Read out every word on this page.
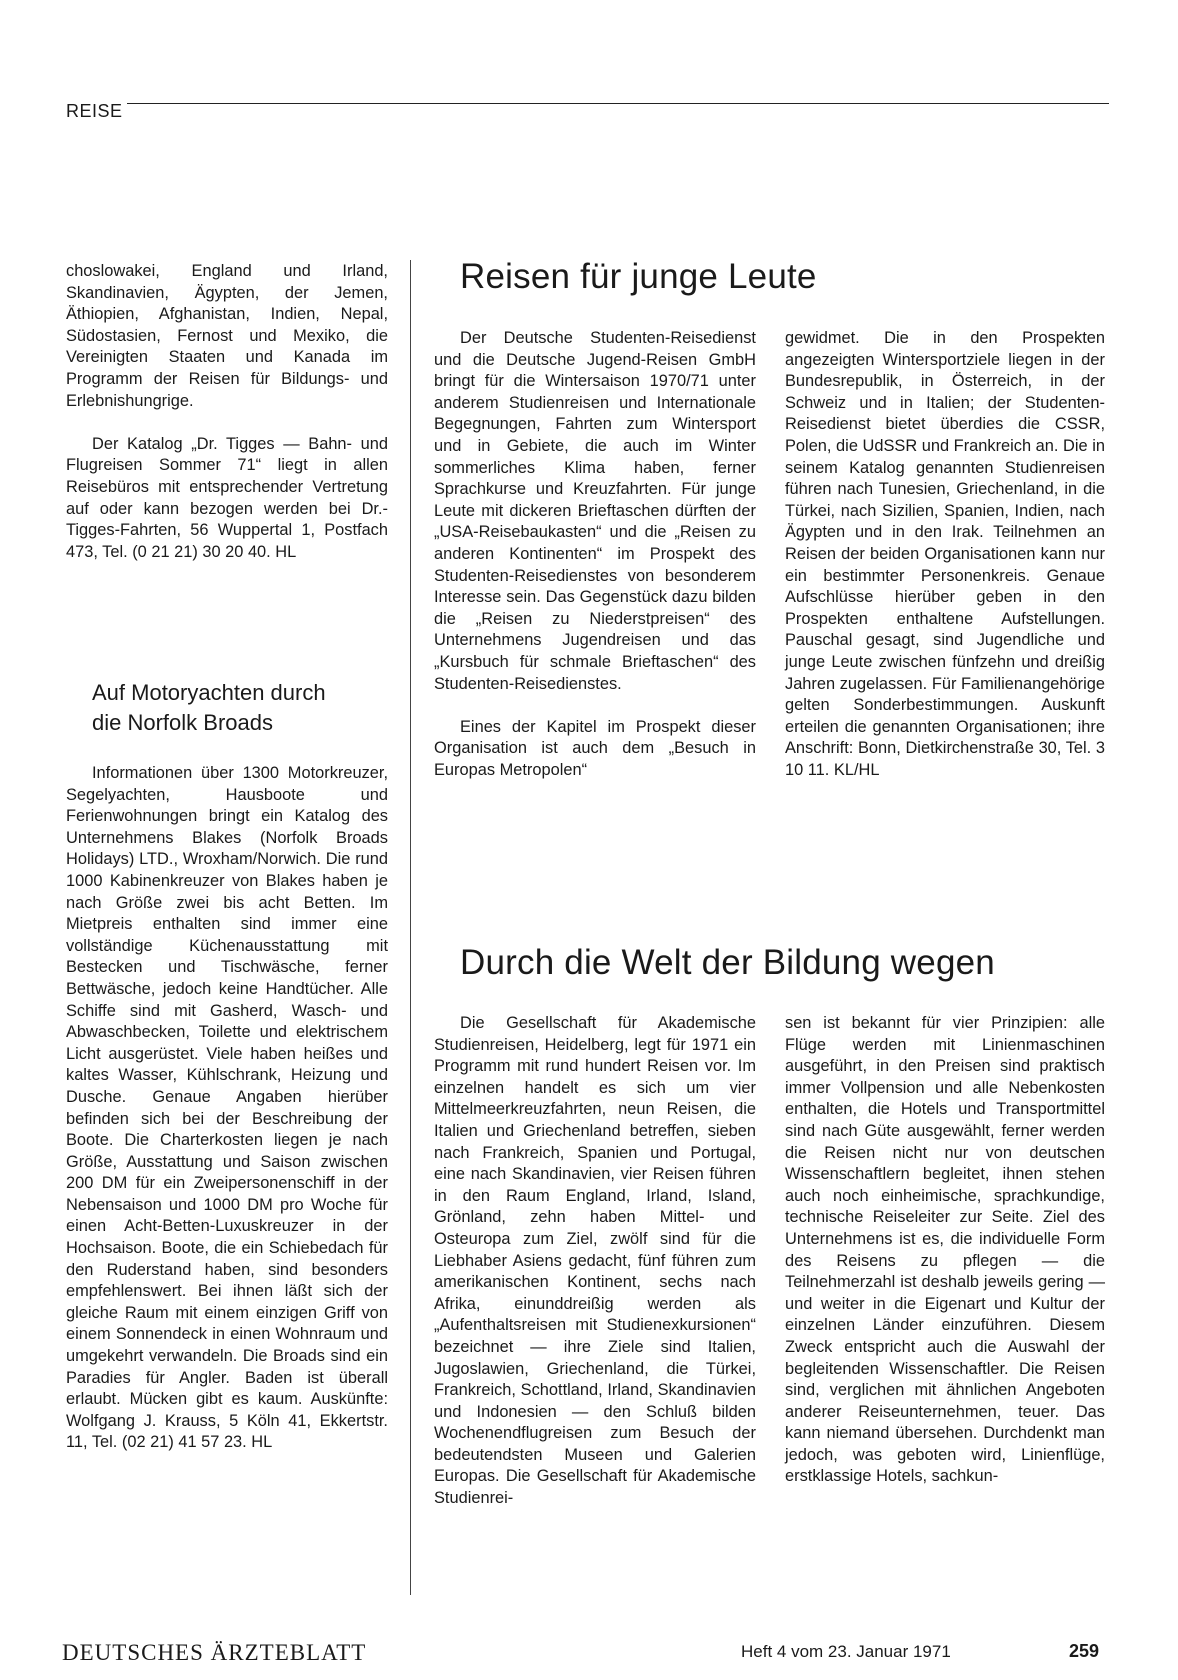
REISE

choslowakei, England und Irland, Skandinavien, Ägypten, der Jemen, Äthiopien, Afghanistan, Indien, Nepal, Südostasien, Fernost und Mexiko, die Vereinigten Staaten und Kanada im Programm der Reisen für Bildungs- und Erlebnishungrige.

Der Katalog „Dr. Tigges — Bahn- und Flugreisen Sommer 71“ liegt in allen Reisebüros mit entsprechender Vertretung auf oder kann bezogen werden bei Dr.-Tigges-Fahrten, 56 Wuppertal 1, Postfach 473, Tel. (0 21 21) 30 20 40. HL

Auf Motoryachten durch
die Norfolk Broads

Informationen über 1300 Motorkreuzer, Segelyachten, Hausboote und Ferienwohnungen bringt ein Katalog des Unternehmens Blakes (Norfolk Broads Holidays) LTD., Wroxham/Norwich. Die rund 1000 Kabinenkreuzer von Blakes haben je nach Größe zwei bis acht Betten. Im Mietpreis enthalten sind immer eine vollständige Küchenausstattung mit Bestecken und Tischwäsche, ferner Bettwäsche, jedoch keine Handtücher. Alle Schiffe sind mit Gasherd, Wasch- und Abwaschbecken, Toilette und elektrischem Licht ausgerüstet. Viele haben heißes und kaltes Wasser, Kühlschrank, Heizung und Dusche. Genaue Angaben hierüber befinden sich bei der Beschreibung der Boote. Die Charterkosten liegen je nach Größe, Ausstattung und Saison zwischen 200 DM für ein Zweipersonenschiff in der Nebensaison und 1000 DM pro Woche für einen Acht-Betten-Luxuskreuzer in der Hochsaison. Boote, die ein Schiebedach für den Ruderstand haben, sind besonders empfehlenswert. Bei ihnen läßt sich der gleiche Raum mit einem einzigen Griff von einem Sonnendeck in einen Wohnraum und umgekehrt verwandeln. Die Broads sind ein Paradies für Angler. Baden ist überall erlaubt. Mücken gibt es kaum. Auskünfte: Wolfgang J. Krauss, 5 Köln 41, Ekkertstr. 11, Tel. (02 21) 41 57 23. HL

Reisen für junge Leute

Der Deutsche Studenten-Reisedienst und die Deutsche Jugend-Reisen GmbH bringt für die Wintersaison 1970/71 unter anderem Studienreisen und Internationale Begegnungen, Fahrten zum Wintersport und in Gebiete, die auch im Winter sommerliches Klima haben, ferner Sprachkurse und Kreuzfahrten. Für junge Leute mit dickeren Brieftaschen dürften der „USA-Reisebaukasten“ und die „Reisen zu anderen Kontinenten“ im Prospekt des Studenten-Reisedienstes von besonderem Interesse sein. Das Gegenstück dazu bilden die „Reisen zu Niederstpreisen“ des Unternehmens Jugendreisen und das „Kursbuch für schmale Brieftaschen“ des Studenten-Reisedienstes.

Eines der Kapitel im Prospekt dieser Organisation ist auch dem „Besuch in Europas Metropolen“

gewidmet. Die in den Prospekten angezeigten Wintersportziele liegen in der Bundesrepublik, in Österreich, in der Schweiz und in Italien; der Studenten-Reisedienst bietet überdies die CSSR, Polen, die UdSSR und Frankreich an. Die in seinem Katalog genannten Studienreisen führen nach Tunesien, Griechenland, in die Türkei, nach Sizilien, Spanien, Indien, nach Ägypten und in den Irak. Teilnehmen an Reisen der beiden Organisationen kann nur ein bestimmter Personenkreis. Genaue Aufschlüsse hierüber geben in den Prospekten enthaltene Aufstellungen. Pauschal gesagt, sind Jugendliche und junge Leute zwischen fünfzehn und dreißig Jahren zugelassen. Für Familienangehörige gelten Sonderbestimmungen. Auskunft erteilen die genannten Organisationen; ihre Anschrift: Bonn, Dietkirchenstraße 30, Tel. 3 10 11. KL/HL

Durch die Welt der Bildung wegen

Die Gesellschaft für Akademische Studienreisen, Heidelberg, legt für 1971 ein Programm mit rund hundert Reisen vor. Im einzelnen handelt es sich um vier Mittelmeerkreuzfahrten, neun Reisen, die Italien und Griechenland betreffen, sieben nach Frankreich, Spanien und Portugal, eine nach Skandinavien, vier Reisen führen in den Raum England, Irland, Island, Grönland, zehn haben Mittel- und Osteuropa zum Ziel, zwölf sind für die Liebhaber Asiens gedacht, fünf führen zum amerikanischen Kontinent, sechs nach Afrika, einunddreißig werden als „Aufenthaltsreisen mit Studienexkursionen“ bezeichnet — ihre Ziele sind Italien, Jugoslawien, Griechenland, die Türkei, Frankreich, Schottland, Irland, Skandinavien und Indonesien — den Schluß bilden Wochenendflugreisen zum Besuch der bedeutendsten Museen und Galerien Europas. Die Gesellschaft für Akademische Studienrei-

sen ist bekannt für vier Prinzipien: alle Flüge werden mit Linienmaschinen ausgeführt, in den Preisen sind praktisch immer Vollpension und alle Nebenkosten enthalten, die Hotels und Transportmittel sind nach Güte ausgewählt, ferner werden die Reisen nicht nur von deutschen Wissenschaftlern begleitet, ihnen stehen auch noch einheimische, sprachkundige, technische Reiseleiter zur Seite. Ziel des Unternehmens ist es, die individuelle Form des Reisens zu pflegen — die Teilnehmerzahl ist deshalb jeweils gering — und weiter in die Eigenart und Kultur der einzelnen Länder einzuführen. Diesem Zweck entspricht auch die Auswahl der begleitenden Wissenschaftler. Die Reisen sind, verglichen mit ähnlichen Angeboten anderer Reiseunternehmen, teuer. Das kann niemand übersehen. Durchdenkt man jedoch, was geboten wird, Linienflüge, erstklassige Hotels, sachkun-

DEUTSCHES ÄRZTEBLATT	Heft 4 vom 23. Januar 1971	259
